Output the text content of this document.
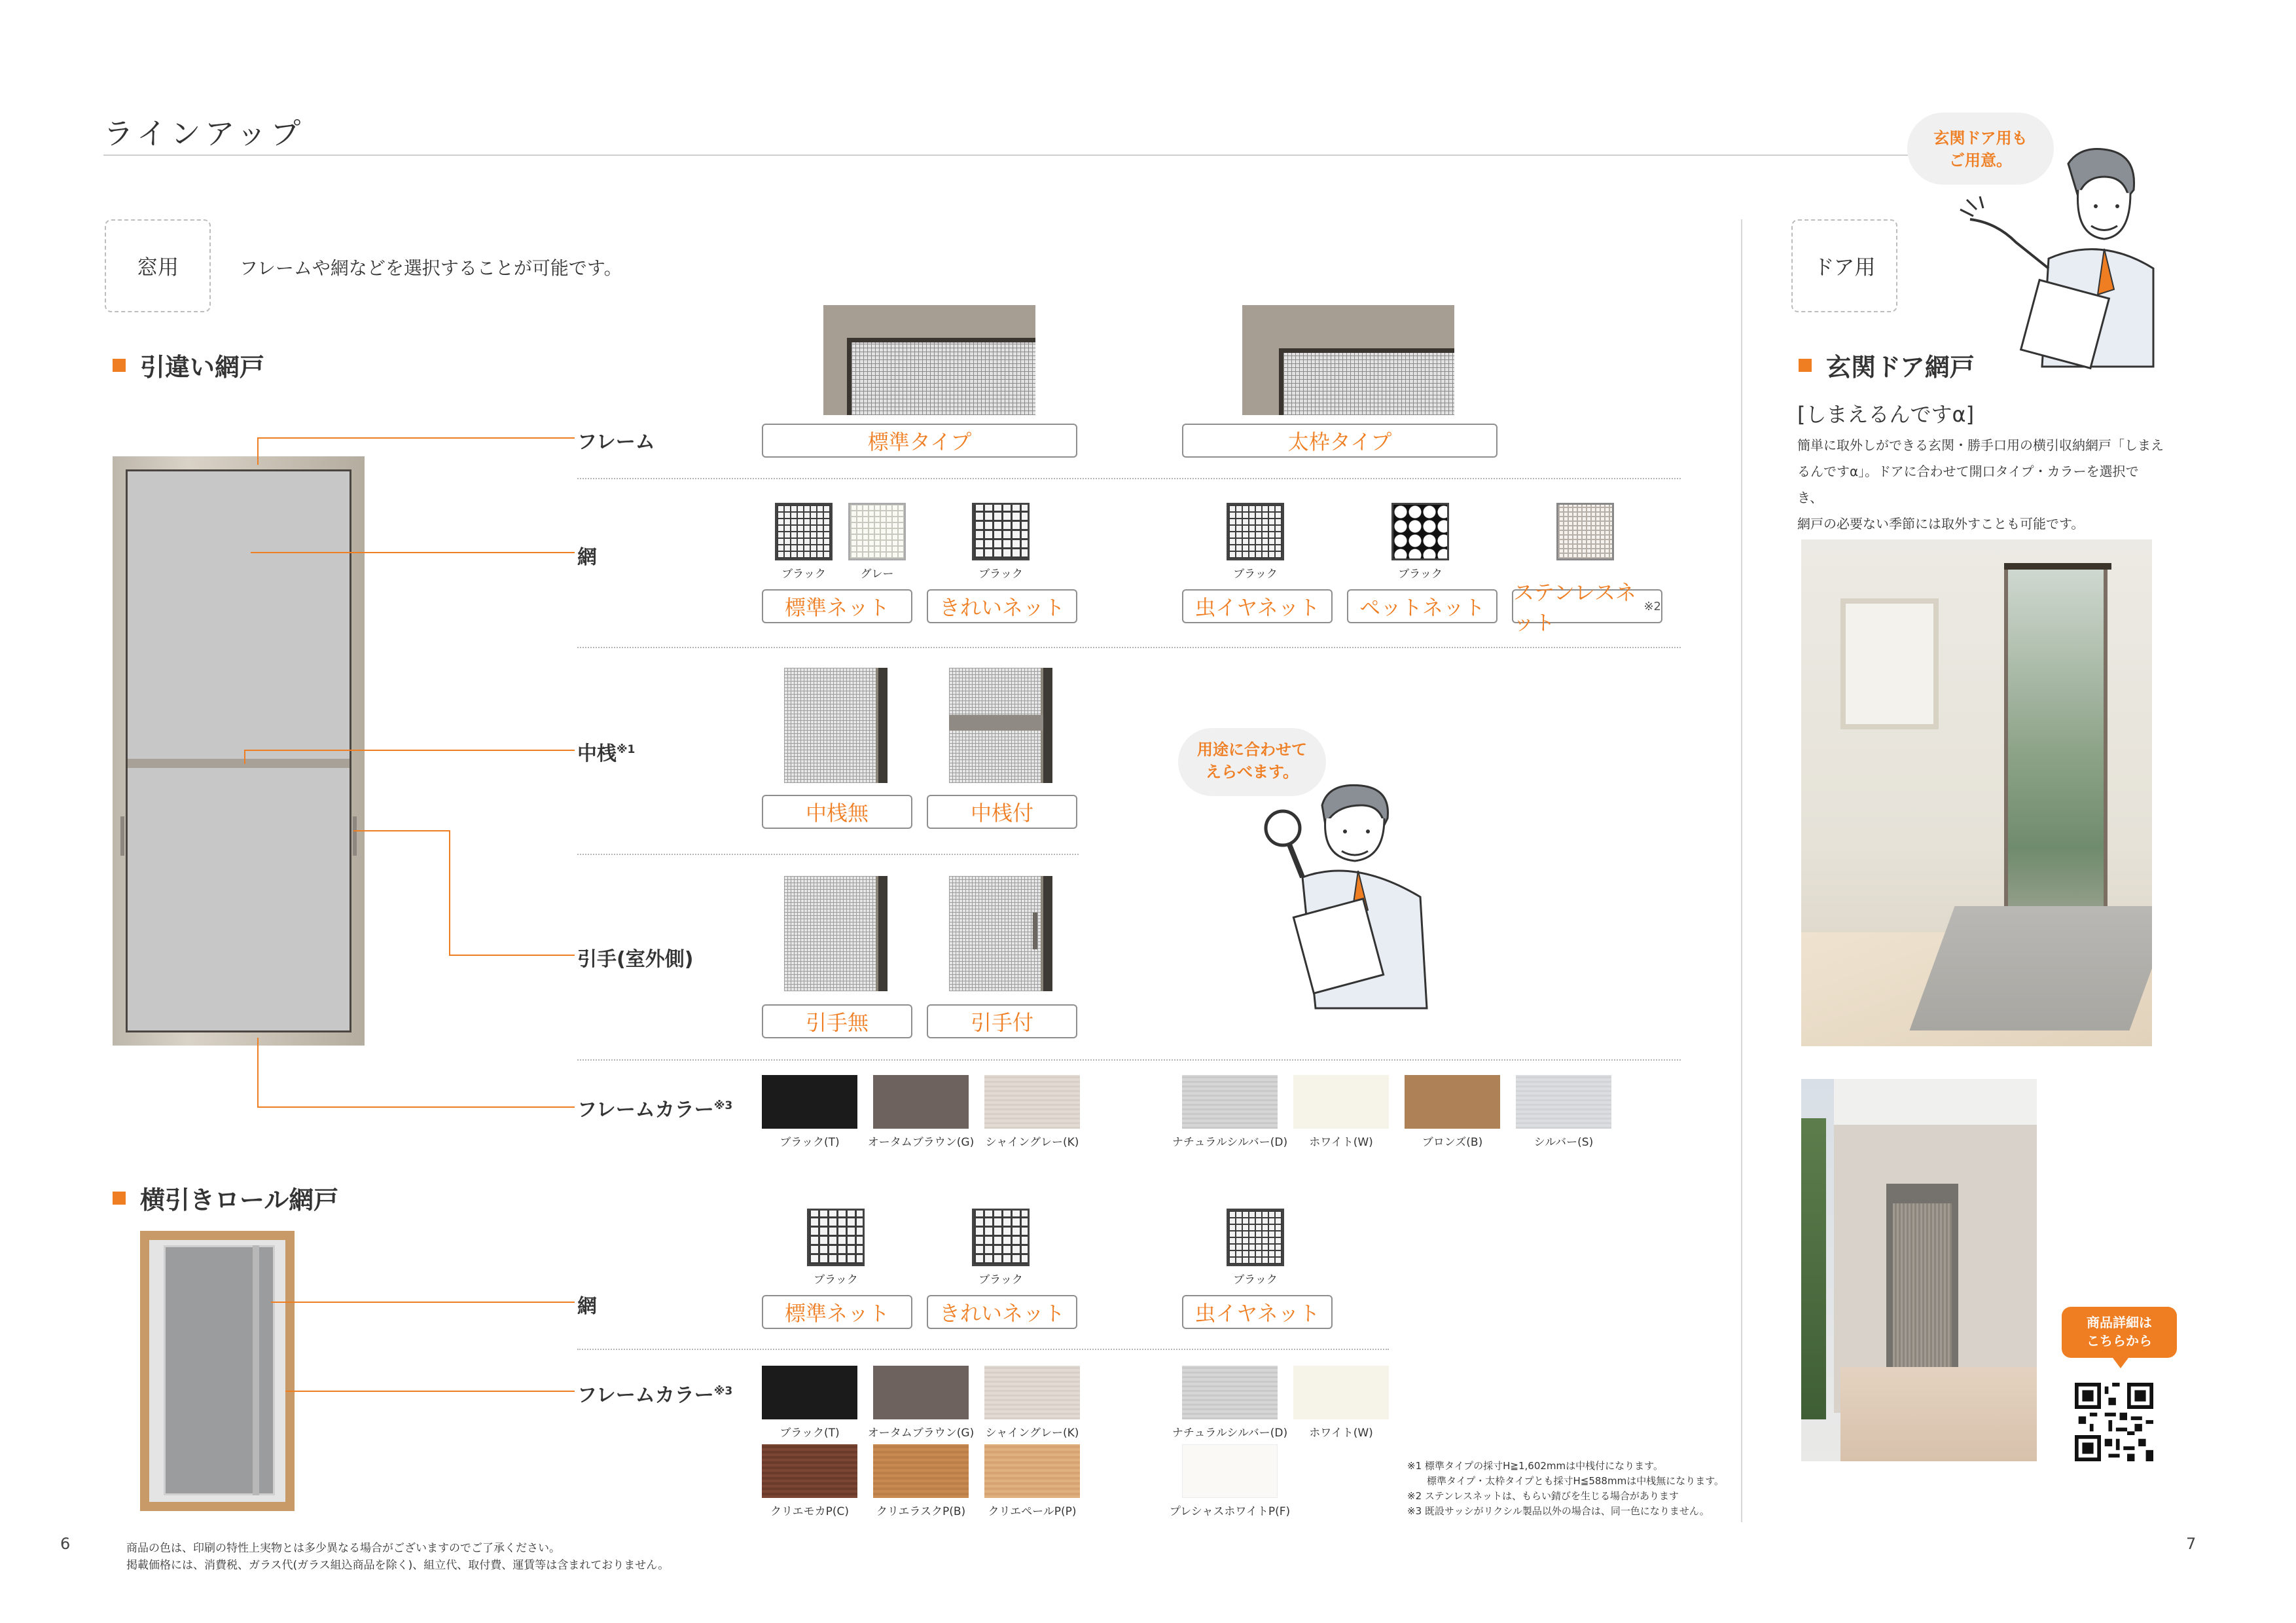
ラインアップ
窓用	フレームや網などを選択することが可能です。
引違い網戸
フレーム
網
中桟$^{※1}$
引手(室外側)
フレームカラー$^{※3}$
標準タイプ	太枠タイプ
ブラック	グレー	ブラック	ブラック	ブラック
標準ネット	きれいネット	虫イヤネット	ペットネット
ステンレスネット
※2
中桟無	中桟付
引手無	引手付
ブラック(T)	オータムブラウン(G)	シャイングレー(K)	ナチュラルシルバー(D)	ホワイト(W)	ブロンズ(B)	シルバー(S)
用途に合わせて
えらべます。
横引きロール網戸
網
フレームカラー$^{※3}$
ブラック	ブラック	ブラック
標準ネット	きれいネット	虫イヤネット
ブラック(T)	オータムブラウン(G)	シャイングレー(K)	ナチュラルシルバー(D)	ホワイト(W)
クリエモカP(C)	クリエラスクP(B)	クリエペールP(P)	プレシャスホワイトP(F)
※1 標準タイプの採寸H≧1,602mmは中桟付になります。
　　標準タイプ・太枠タイプとも採寸H≦588mmは中桟無になります。
※2 ステンレスネットは、もらい錆びを生じる場合があります
※3 既設サッシがリクシル製品以外の場合は、同一色になりません。
6	7
商品の色は、印刷の特性上実物とは多少異なる場合がございますのでご了承ください。
掲載価格には、消費税、ガラス代(ガラス組込商品を除く)、組立代、取付費、運賃等は含まれておりません。
玄関ドア用も
ご用意。
ドア用
玄関ドア網戸
[しまえるんですα]
簡単に取外しができる玄関・勝手口用の横引収納網戸「しまえ
るんですα」。ドアに合わせて開口タイプ・カラーを選択でき、
網戸の必要ない季節には取外すことも可能です。
商品詳細は
こちらから
